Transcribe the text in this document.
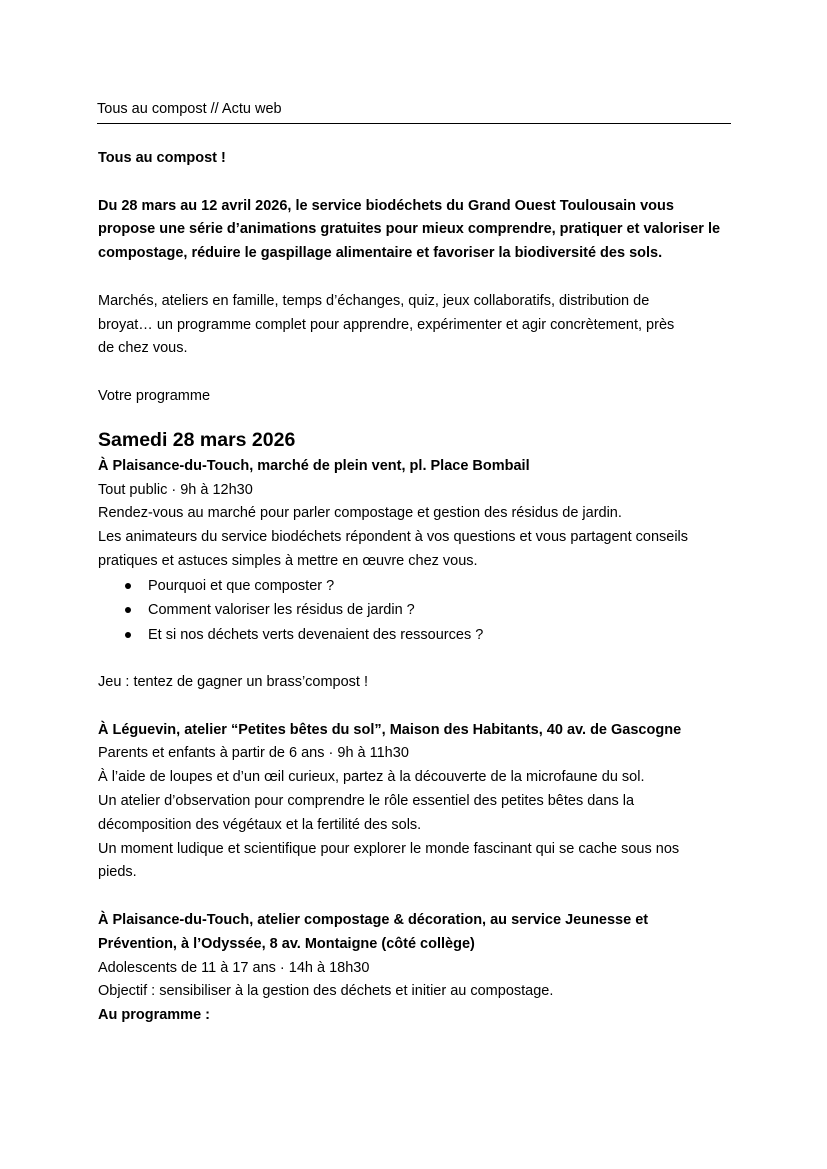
Tous au compost // Actu web

Tous au compost !

Du 28 mars au 12 avril 2026, le service biodéchets du Grand Ouest Toulousain vous propose une série d’animations gratuites pour mieux comprendre, pratiquer et valoriser le compostage, réduire le gaspillage alimentaire et favoriser la biodiversité des sols.

Marchés, ateliers en famille, temps d’échanges, quiz, jeux collaboratifs, distribution de broyat… un programme complet pour apprendre, expérimenter et agir concrètement, près de chez vous.

Votre programme

Samedi 28 mars 2026

À Plaisance-du-Touch, marché de plein vent, pl. Place Bombail

Tout public · 9h à 12h30

Rendez-vous au marché pour parler compostage et gestion des résidus de jardin.

Les animateurs du service biodéchets répondent à vos questions et vous partagent conseils pratiques et astuces simples à mettre en œuvre chez vous.

Pourquoi et que composter ?
Comment valoriser les résidus de jardin ?
Et si nos déchets verts devenaient des ressources ?

Jeu : tentez de gagner un brass’compost !

À Léguevin, atelier “Petites bêtes du sol”, Maison des Habitants, 40 av. de Gascogne

Parents et enfants à partir de 6 ans · 9h à 11h30

À l’aide de loupes et d’un œil curieux, partez à la découverte de la microfaune du sol.

Un atelier d’observation pour comprendre le rôle essentiel des petites bêtes dans la décomposition des végétaux et la fertilité des sols.

Un moment ludique et scientifique pour explorer le monde fascinant qui se cache sous nos pieds.

À Plaisance-du-Touch, atelier compostage & décoration, au service Jeunesse et Prévention, à l’Odyssée, 8 av. Montaigne (côté collège)

Adolescents de 11 à 17 ans · 14h à 18h30

Objectif : sensibiliser à la gestion des déchets et initier au compostage.

Au programme :
